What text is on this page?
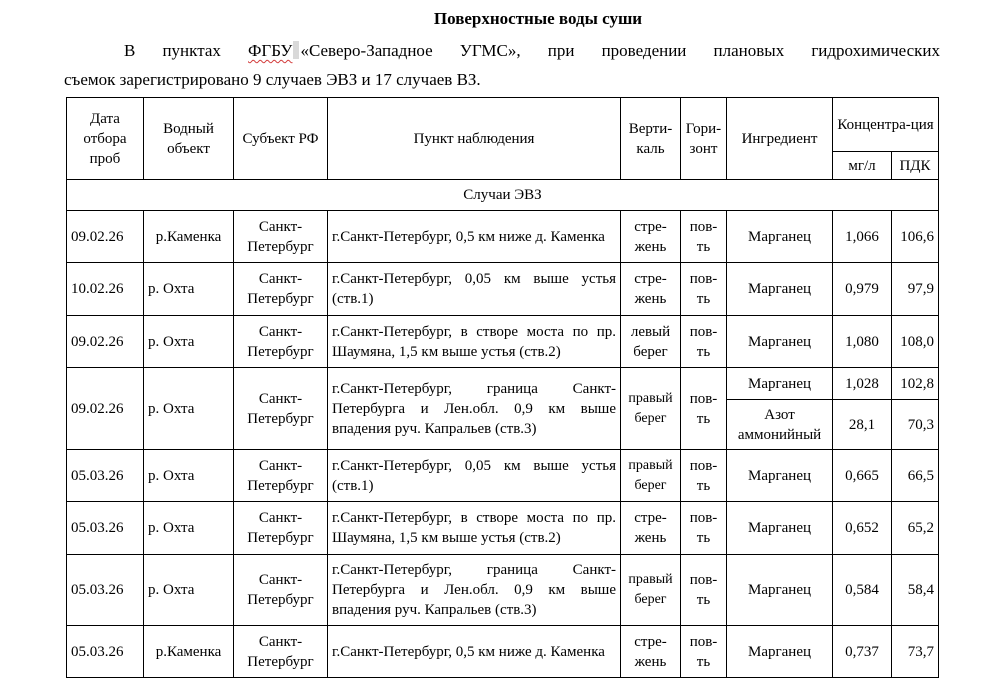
Поверхностные воды суши
В пунктах ФГБУ «Северо-Западное УГМС», при проведении плановых гидрохимических
съемок зарегистрировано 9 случаев ЭВЗ и 17 случаев ВЗ.
Дата отбора проб	Водный объект	Субъект РФ	Пункт наблюдения	Верти-каль	Гори-зонт	Ингредиент	Концентра-ция	
							мг/л	ПДК
Случаи ЭВЗ								
09.02.26	р.Каменка	Санкт-Петербург	г.Санкт-Петербург, 0,5 км ниже д. Каменка	стре-жень	пов-ть	Марганец	1,066	106,6
10.02.26	р. Охта	Санкт-Петербург	г.Санкт-Петербург, 0,05 км выше устья (ств.1)	стре-жень	пов-ть	Марганец	0,979	97,9
09.02.26	р. Охта	Санкт-Петербург	г.Санкт-Петербург, в створе моста по пр. Шаумяна, 1,5 км выше устья (ств.2)	левый берег	пов-ть	Марганец	1,080	108,0
09.02.26	р. Охта	Санкт-Петербург	г.Санкт-Петербург, граница Санкт-Петербурга и Лен.обл. 0,9 км выше впадения руч. Капральев (ств.3)	правый берег	пов-ть	Марганец	1,028	102,8
						Азот аммонийный	28,1	70,3
05.03.26	р. Охта	Санкт-Петербург	г.Санкт-Петербург, 0,05 км выше устья (ств.1)	правый берег	пов-ть	Марганец	0,665	66,5
05.03.26	р. Охта	Санкт-Петербург	г.Санкт-Петербург, в створе моста по пр. Шаумяна, 1,5 км выше устья (ств.2)	стре-жень	пов-ть	Марганец	0,652	65,2
05.03.26	р. Охта	Санкт-Петербург	г.Санкт-Петербург, граница Санкт-Петербурга и Лен.обл. 0,9 км выше впадения руч. Капральев (ств.3)	правый берег	пов-ть	Марганец	0,584	58,4
05.03.26	р.Каменка	Санкт-Петербург	г.Санкт-Петербург, 0,5 км ниже д. Каменка	стре-жень	пов-ть	Марганец	0,737	73,7
